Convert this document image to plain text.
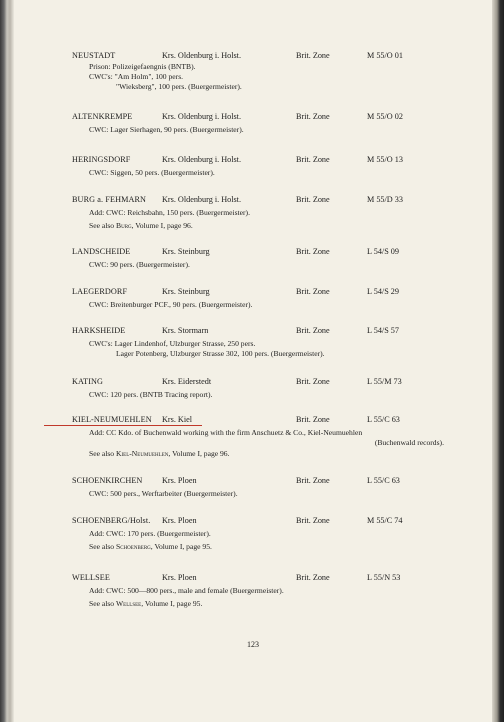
NEUSTADT	Krs. Oldenburg i. Holst.	Brit. Zone	M 55/O 01
Prison: Polizeigefaengnis (BNTB).
CWC's: "Am Holm", 100 pers.
"Wieksberg", 100 pers. (Buergermeister).
ALTENKREMPE	Krs. Oldenburg i. Holst.	Brit. Zone	M 55/O 02
CWC: Lager Sierhagen, 90 pers. (Buergermeister).
HERINGSDORF	Krs. Oldenburg i. Holst.	Brit. Zone	M 55/O 13
CWC: Siggen, 50 pers. (Buergermeister).
BURG a. FEHMARN Krs. Oldenburg i. Holst.	Brit. Zone	M 55/D 33
Add: CWC: Reichsbahn, 150 pers. (Buergermeister).
See also Burg, Volume I, page 96.
LANDSCHEIDE	Krs. Steinburg	Brit. Zone	L 54/S 09
CWC: 90 pers. (Buergermeister).
LAEGERDORF	Krs. Steinburg	Brit. Zone	L 54/S 29
CWC: Breitenburger PCF., 90 pers. (Buergermeister).
HARKSHEIDE	Krs. Stormarn	Brit. Zone	L 54/S 57
CWC's: Lager Lindenhof, Ulzburger Strasse, 250 pers.
Lager Potenberg, Ulzburger Strasse 302, 100 pers. (Buergermeister).
KATING	Krs. Eiderstedt	Brit. Zone	L 55/M 73
CWC: 120 pers. (BNTB Tracing report).
KIEL-NEUMUEHLEN Krs. Kiel	Brit. Zone	L 55/C 63
Add: CC Kdo. of Buchenwald working with the firm Anschuetz & Co., Kiel-Neumuehlen
(Buchenwald records).
See also Kiel-Neumuehlen, Volume I, page 96.
SCHOENKIRCHEN Krs. Ploen	Brit. Zone	L 55/C 63
CWC: 500 pers., Werftarbeiter (Buergermeister).
SCHOENBERG/Holst. Krs. Ploen	Brit. Zone	M 55/C 74
Add: CWC: 170 pers. (Buergermeister).
See also Schoenberg, Volume I, page 95.
WELLSEE	Krs. Ploen	Brit. Zone	L 55/N 53
Add: CWC: 500—800 pers., male and female (Buergermeister).
See also Wellsee, Volume I, page 95.
123
